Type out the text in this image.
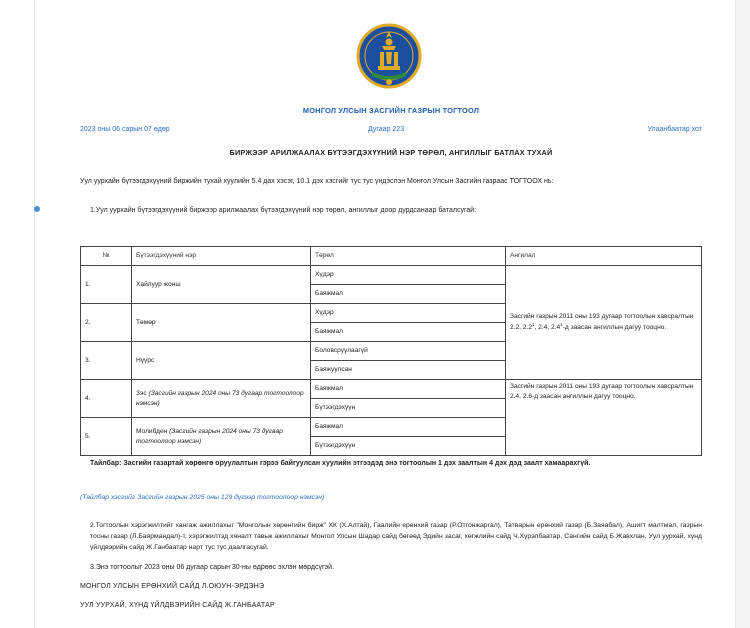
МОНГОЛ УЛСЫН ЗАСГИЙН ГАЗРЫН ТОГТООЛ
2023 оны 06 сарын 07 өдөр	Дугаар 223	Улаанбаатар хот
БИРЖЭЭР АРИЛЖААЛАХ БҮТЭЭГДЭХҮҮНИЙ НЭР ТӨРӨЛ, АНГИЛЛЫГ БАТЛАХ ТУХАЙ
Уул уурхайн бүтээгдэхүүний биржийн тухай хуулийн 5.4 дах хэсэг, 10.1 дэх хэсгийг тус тус үндэслэн Монгол Улсын Засгийн газраас ТОГТООХ нь:
1.Уул уурхайн бүтээгдэхүүний биржээр арилжаалах бүтээгдэхүүний нэр төрөл, ангиллыг доор дурдсанаар баталсугай:
№	Бүтээгдэхүүний нэр	Төрөл	Ангилал
1.	Хайлуур жонш	Хүдэр	Засгийн газрын 2011 оны 193 дугаар тогтоолын хавсралтын 2.2, $2.2^1$, 2.4, $2.4^1-д$ заасан ангиллын дагуу тооцно.
		Баяжмал	
2.	Төмөр	Хүдэр	
		Баяжмал	
3.	Нүүрс	Боловсруулаагүй	
		Баяжуулсан	
4.	Зэс (Засгийн газрын 2024 оны 73 дугаар тогтоолоор нэмсэн)	Баяжмал	Засгийн газрын 2011 оны 193 дугаар тогтоолын хавсралтын 2.4, 2.6-д заасан ангиллын дагуу тооцно.
		Бүтээгдэхүүн	
5.	Молибден (Засгийн газрын 2024 оны 73 дугаар тогтоолоор нэмсэн)	Баяжмал	
		Бүтээгдэхүүн	
Тайлбар: Засгийн газартай хөрөнгө оруулалтын гэрээ байгуулсан хуулийн этгээдэд энэ тогтоолын 1 дэх заалтын 4 дэх дэд заалт хамаарахгүй.
(Тайлбар хэсгийг Засгийн газрын 2025 оны 129 дүгээр тогтоолоор нэмсэн)
2.Тогтоолын хэрэгжилтийг хангаж ажиллахыг "Монголын хөрөнгийн бирж" ХК (Х.Алтай), Гаалийн ерөнхий газар (Р.Отгонжаргал), Татварын ерөнхий газар (Б.Заяабал), Ашигт малтмал, газрын тосны газар (Л.Баярмандал)-т, хэрэгжилтэд хяналт тавьж ажиллахыг Монгол Улсын Шадар сайд бөгөөд Эдийн засаг, хөгжлийн сайд Ч.Хүрэлбаатар, Сангийн сайд Б.Жавхлан, Уул уурхай, хүнд үйлдвэрийн сайд Ж.Ганбаатар нарт тус тус даалгасугай.
3.Энэ тогтоолыг 2023 оны 06 дугаар сарын 30-ны өдрөөс эхлэн мөрдсүгэй.
МОНГОЛ УЛСЫН ЕРӨНХИЙ САЙД Л.ОЮУН-ЭРДЭНЭ
УУЛ УУРХАЙ, ХҮНД ҮЙЛДВЭРИЙН САЙД Ж.ГАНБААТАР
